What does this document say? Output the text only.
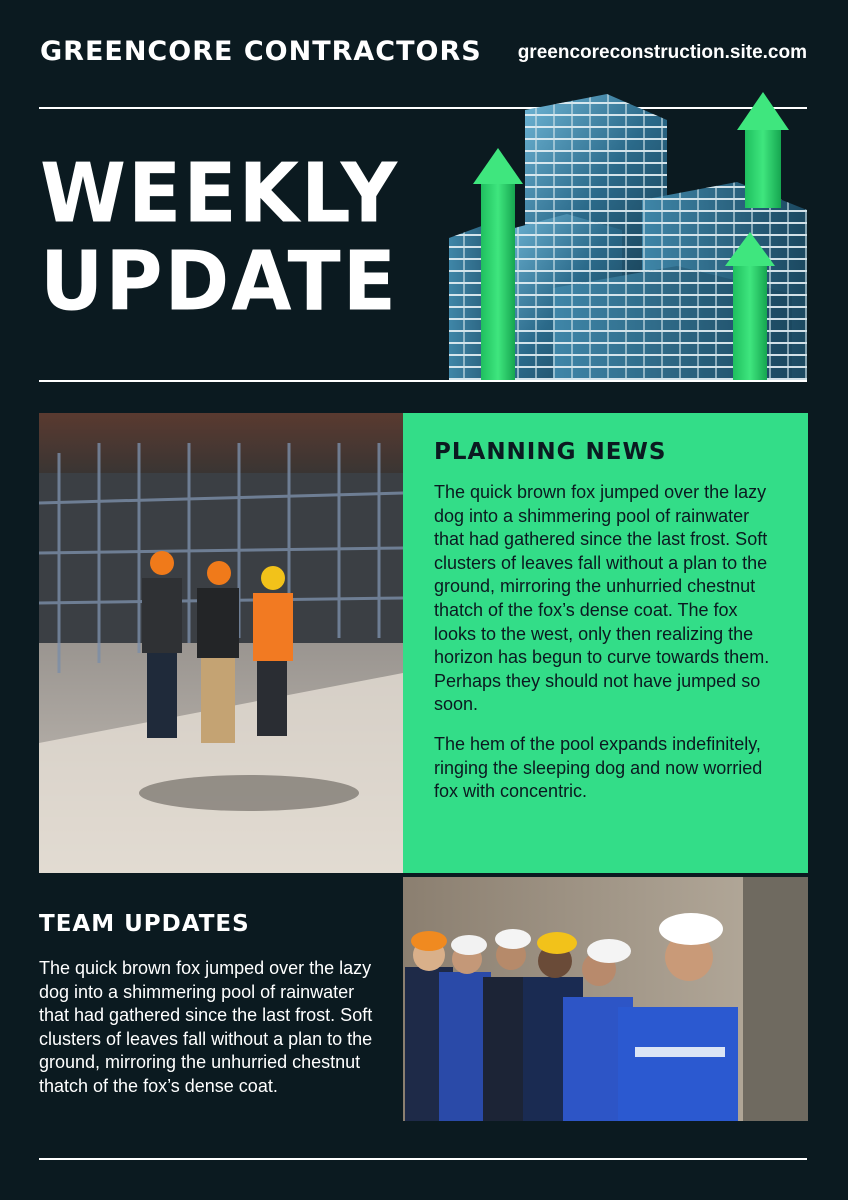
GREENCORE CONTRACTORS greencoreconstruction.site.com
WEEKLY
UPDATE
PLANNING NEWS

The quick brown fox jumped over the lazy dog into a shimmering pool of rainwater that had gathered since the last frost. Soft clusters of leaves fall without a plan to the ground, mirroring the unhurried chestnut thatch of the fox’s dense coat. The fox looks to the west, only then realizing the horizon has begun to curve towards them. Perhaps they should not have jumped so soon.

The hem of the pool expands indefinitely, ringing the sleeping dog and now worried fox with concentric.

TEAM UPDATES

The quick brown fox jumped over the lazy dog into a shimmering pool of rainwater that had gathered since the last frost. Soft clusters of leaves fall without a plan to the ground, mirroring the unhurried chestnut thatch of the fox’s dense coat.
